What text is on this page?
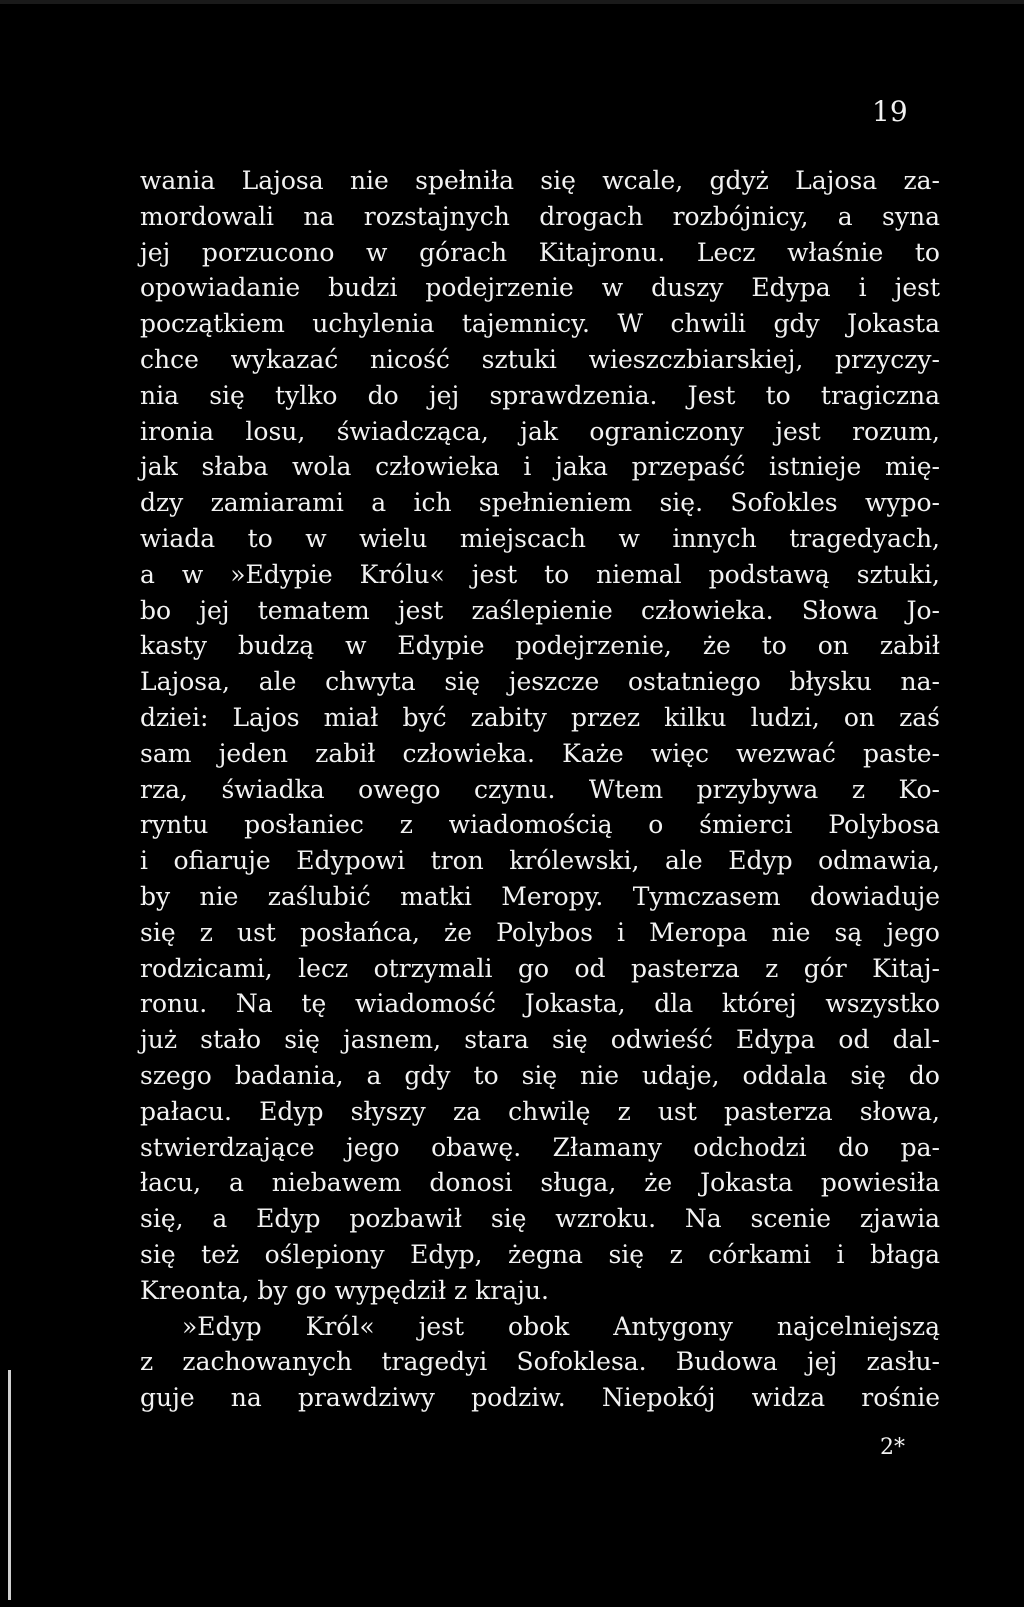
19
wania Lajosa nie spełniła się wcale, gdyż Lajosa za-
mordowali na rozstajnych drogach rozbójnicy, a syna
jej porzucono w górach Kitajronu. Lecz właśnie to
opowiadanie budzi podejrzenie w duszy Edypa i jest
początkiem uchylenia tajemnicy. W chwili gdy Jokasta
chce wykazać nicość sztuki wieszczbiarskiej, przyczy-
nia się tylko do jej sprawdzenia. Jest to tragiczna
ironia losu, świadcząca, jak ograniczony jest rozum,
jak słaba wola człowieka i jaka przepaść istnieje mię-
dzy zamiarami a ich spełnieniem się. Sofokles wypo-
wiada to w wielu miejscach w innych tragedyach,
a w »Edypie Królu« jest to niemal podstawą sztuki,
bo jej tematem jest zaślepienie człowieka. Słowa Jo-
kasty budzą w Edypie podejrzenie, że to on zabił
Lajosa, ale chwyta się jeszcze ostatniego błysku na-
dziei: Lajos miał być zabity przez kilku ludzi, on zaś
sam jeden zabił człowieka. Każe więc wezwać paste-
rza, świadka owego czynu. Wtem przybywa z Ko-
ryntu posłaniec z wiadomością o śmierci Polybosa
i ofiaruje Edypowi tron królewski, ale Edyp odmawia,
by nie zaślubić matki Meropy. Tymczasem dowiaduje
się z ust posłańca, że Polybos i Meropa nie są jego
rodzicami, lecz otrzymali go od pasterza z gór Kitaj-
ronu. Na tę wiadomość Jokasta, dla której wszystko
już stało się jasnem, stara się odwieść Edypa od dal-
szego badania, a gdy to się nie udaje, oddala się do
pałacu. Edyp słyszy za chwilę z ust pasterza słowa,
stwierdzające jego obawę. Złamany odchodzi do pa-
łacu, a niebawem donosi sługa, że Jokasta powiesiła
się, a Edyp pozbawił się wzroku. Na scenie zjawia
się też oślepiony Edyp, żegna się z córkami i błaga
Kreonta, by go wypędził z kraju.
»Edyp Król« jest obok Antygony najcelniejszą
z zachowanych tragedyi Sofoklesa. Budowa jej zasłu-
guje na prawdziwy podziw. Niepokój widza rośnie
2*
